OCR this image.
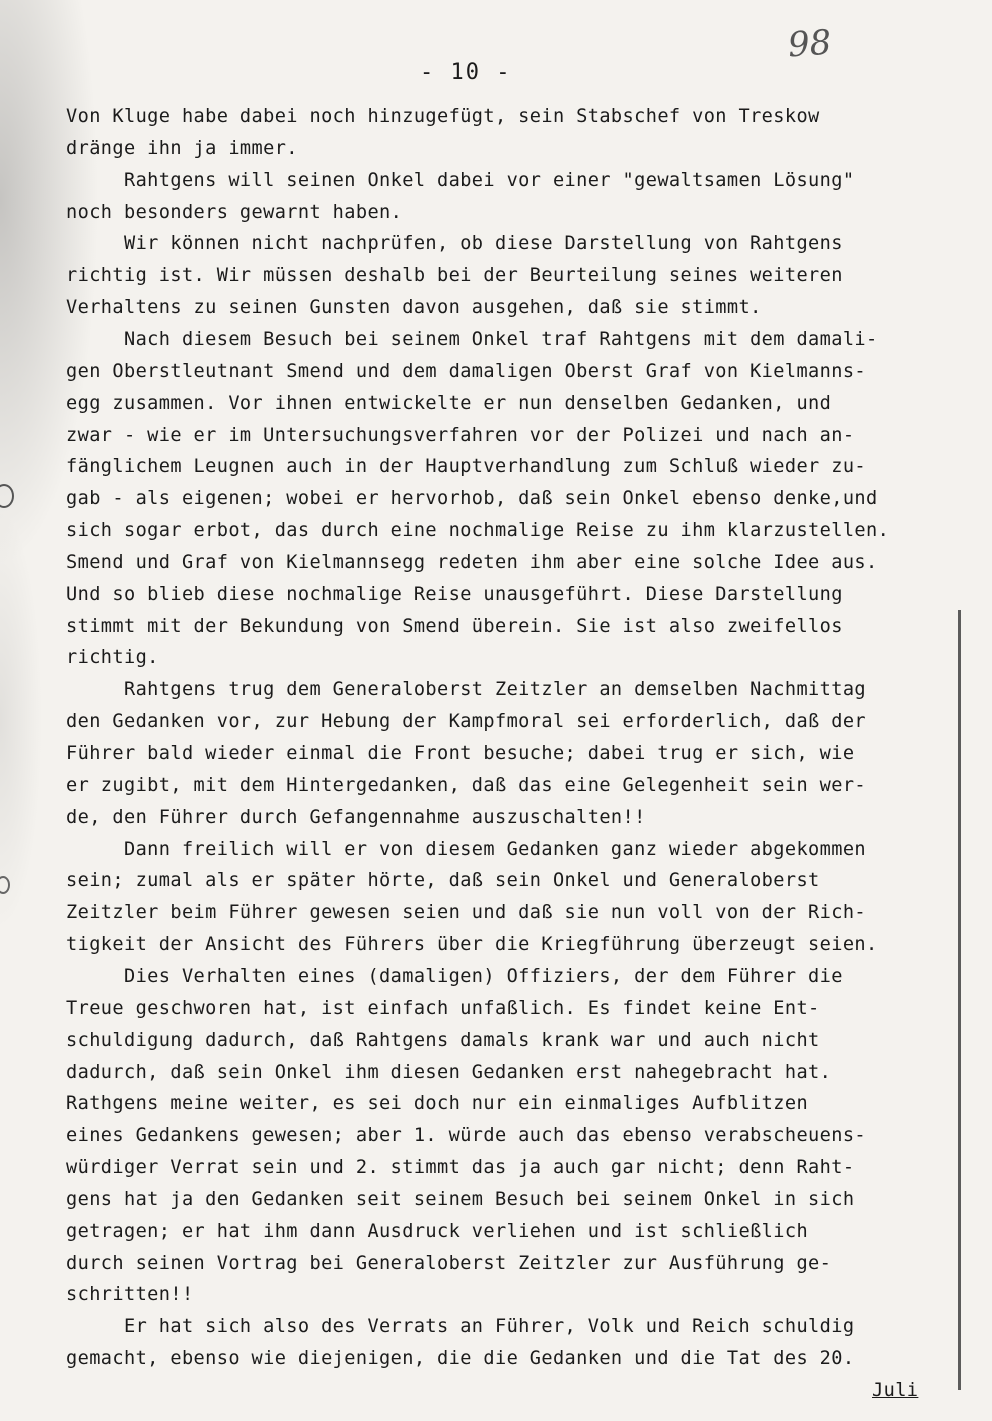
98
- 10 -
Von Kluge habe dabei noch hinzugefügt, sein Stabschef von Treskow
dränge ihn ja immer.
Rahtgens will seinen Onkel dabei vor einer "gewaltsamen Lösung"
noch besonders gewarnt haben.
Wir können nicht nachprüfen, ob diese Darstellung von Rahtgens
richtig ist. Wir müssen deshalb bei der Beurteilung seines weiteren
Verhaltens zu seinen Gunsten davon ausgehen, daß sie stimmt.
Nach diesem Besuch bei seinem Onkel traf Rahtgens mit dem damali-
gen Oberstleutnant Smend und dem damaligen Oberst Graf von Kielmanns-
egg zusammen. Vor ihnen entwickelte er nun denselben Gedanken, und
zwar - wie er im Untersuchungsverfahren vor der Polizei und nach an-
fänglichem Leugnen auch in der Hauptverhandlung zum Schluß wieder zu-
gab - als eigenen; wobei er hervorhob, daß sein Onkel ebenso denke,und
sich sogar erbot, das durch eine nochmalige Reise zu ihm klarzustellen.
Smend und Graf von Kielmannsegg redeten ihm aber eine solche Idee aus.
Und so blieb diese nochmalige Reise unausgeführt. Diese Darstellung
stimmt mit der Bekundung von Smend überein. Sie ist also zweifellos
richtig.
Rahtgens trug dem Generaloberst Zeitzler an demselben Nachmittag
den Gedanken vor, zur Hebung der Kampfmoral sei erforderlich, daß der
Führer bald wieder einmal die Front besuche; dabei trug er sich, wie
er zugibt, mit dem Hintergedanken, daß das eine Gelegenheit sein wer-
de, den Führer durch Gefangennahme auszuschalten!!
Dann freilich will er von diesem Gedanken ganz wieder abgekommen
sein; zumal als er später hörte, daß sein Onkel und Generaloberst
Zeitzler beim Führer gewesen seien und daß sie nun voll von der Rich-
tigkeit der Ansicht des Führers über die Kriegführung überzeugt seien.
Dies Verhalten eines (damaligen) Offiziers, der dem Führer die
Treue geschworen hat, ist einfach unfaßlich. Es findet keine Ent-
schuldigung dadurch, daß Rahtgens damals krank war und auch nicht
dadurch, daß sein Onkel ihm diesen Gedanken erst nahegebracht hat.
Rathgens meine weiter, es sei doch nur ein einmaliges Aufblitzen
eines Gedankens gewesen; aber 1. würde auch das ebenso verabscheuens-
würdiger Verrat sein und 2. stimmt das ja auch gar nicht; denn Raht-
gens hat ja den Gedanken seit seinem Besuch bei seinem Onkel in sich
getragen; er hat ihm dann Ausdruck verliehen und ist schließlich
durch seinen Vortrag bei Generaloberst Zeitzler zur Ausführung ge-
schritten!!
Er hat sich also des Verrats an Führer, Volk und Reich schuldig
gemacht, ebenso wie diejenigen, die die Gedanken und die Tat des 20.
Juli
